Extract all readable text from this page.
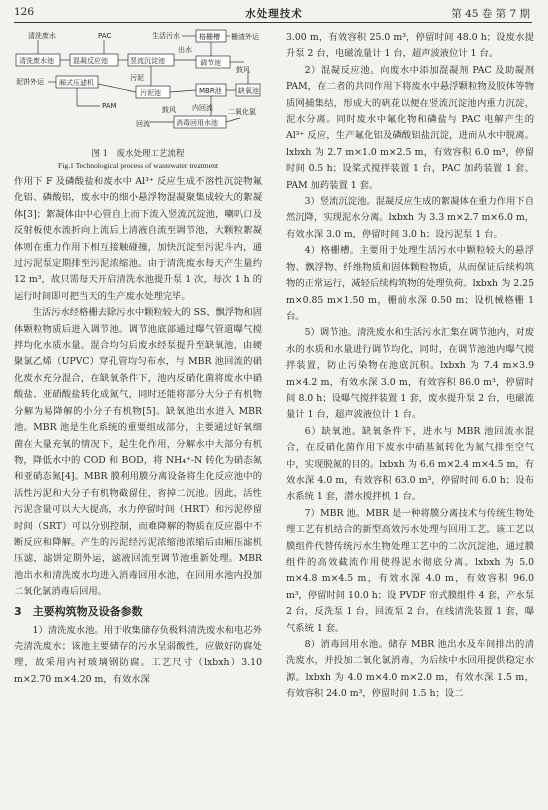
126	水处理技术	第 45 卷 第 7 期
清洗废水	PAC	生活污水	格栅槽 栅渣外运
清洗废水池	混凝反应池	竖流沉淀池
出水
调节池
鼓风
泥饼外运 厢式压滤机
污泥
污泥池	MBR池 缺氧池
PAM	内回流
鼓风	二氧化氯
消毒回用水池
回流
图 1　废水处理工艺流程
Fig.1 Technological process of wastewater treatment

作用下 F 及磷酸盐和废水中 Al³⁺ 反应生成不溶性沉淀物氟化铝、磷酸铝，废水中的细小悬浮物混凝聚集成较大的絮凝体[3]；絮凝体由中心管自上而下流入竖流沉淀池，喇叭口及反射板使水流折向上流后上清液自流至调节池，大颗粒絮凝体则在重力作用下相互接触碰撞，加快沉淀至污泥斗内，通过污泥泵定期排至污泥浓缩池。由于清洗废水每天产生量约 12 m³，故只需每天开启清洗水池提升泵 1 次，每次 1 h 的运行时间即可把当天的生产废水处理完毕。

生活污水经格栅去除污水中颗粒较大的 SS、飘浮物和固体颗粒物质后进入调节池。调节池底部通过曝气管道曝气搅拌均化水质水量。混合均匀后废水经泵提升至缺氧池，由硬聚氯乙烯（UPVC）穿孔管均匀布水，与 MBR 池回流的硝化废水充分混合，在缺氧条件下，池内反硝化菌将废水中硝酸盐、亚硝酸盐转化成氮气，同时还能将部分大分子有机物分解为易降解的小分子有机物[5]。缺氧池出水进入 MBR 池。MBR 池是生化系统的重要组成部分，主要通过好氧细菌在大量充氧的情况下，起生化作用，分解水中大部分有机物，降低水中的 COD 和 BOD，将 NH₄⁺-N 转化为硝态氮和亚硝态氮[4]。MBR 膜利用膜分离设备将生化反应池中的活性污泥和大分子有机物截留住，省掉二沉池。因此，活性污泥含量可以大大提高，水力停留时间（HRT）和污泥停留时间（SRT）可以分别控制，而难降解的物质在反应器中不断反应和降解。产生的污泥经污泥浓缩池浓缩后由厢压滤机压滤，滤饼定期外运，滤液回流至调节池重新处理。MBR 池出水和清洗废水均进入消毒回用水池，在回用水池内投加二氧化氯消毒后回用。

3　主要构筑物及设备参数

1）清洗废水池。用于收集储存负极料清洗废水和电芯外壳清洗废水；该池主要储存的污水呈弱酸性，应做好防腐处理，故采用内衬玻璃钢防腐。工艺尺寸（lxbxh）3.10 m×2.70 m×4.20 m，有效水深

3.00 m，有效容积 25.0 m³，停留时间 48.0 h；设废水提升泵 2 台，电磁流量计 1 台，超声波液位计 1 台。

2）混凝反应池。向废水中添加混凝剂 PAC 及助凝剂 PAM，在二者的共同作用下将废水中悬浮颗粒物及胶体等物质网捕集结，形成大的矾花以便在竖流沉淀池内重力沉淀，泥水分离。同时废水中氟化物和磷盐与 PAC 电解产生的 Al³⁺ 反应，生产氟化铝及磷酸铝盐沉淀，进而从水中脱离。lxbxh 为 2.7 m×1.0 m×2.5 m，有效容积 6.0 m³，停留时间 0.5 h；设桨式搅拌装置 1 台，PAC 加药装置 1 套、PAM 加药装置 1 套。

3）竖流沉淀池。混凝反应生成的絮凝体在重力作用下自然沉降，实现泥水分离。lxbxh 为 3.3 m×2.7 m×6.0 m，有效水深 3.0 m，停留时间 3.0 h；设污泥泵 1 台。

4）格栅槽。主要用于处理生活污水中颗粒较大的悬浮物、飘浮物、纤维物质和固体颗粒物质，从而保证后续构筑物的正常运行，减轻后续构筑物的处理负荷。lxbxh 为 2.25 m×0.85 m×1.50 m，栅前水深 0.50 m；设机械格栅 1 台。

5）调节池。清洗废水和生活污水汇集在调节池内，对废水的水质和水量进行调节均化，同时，在调节池池内曝气搅拌装置，防止污染物在池底沉积。lxbxh 为 7.4 m×3.9 m×4.2 m，有效水深 3.0 m，有效容积 86.0 m³，停留时间 8.0 h；设曝气搅拌装置 1 套，废水提升泵 2 台，电磁流量计 1 台，超声波液位计 1 台。

6）缺氧池。缺氧条件下，进水与 MBR 池回流水混合，在反硝化菌作用下废水中硝基氮转化为氮气排至空气中，实现脱氮的目的。lxbxh 为 6.6 m×2.4 m×4.5 m，有效水深 4.0 m，有效容积 63.0 m³，停留时间 6.0 h；设布水系统 1 套，潜水搅拌机 1 台。

7）MBR 池。MBR 是一种将膜分离技术与传统生物处理工艺有机结合的新型高效污水处理与回用工艺。该工艺以膜组件代替传统污水生物处理工艺中的二次沉淀池，通过膜组件的高效截流作用使得泥水彻底分离。lxbxh 为 5.0 m×4.8 m×4.5 m，有效水深 4.0 m，有效容积 96.0 m³，停留时间 10.0 h；设 PVDF 帘式膜组件 4 套，产水泵 2 台，反洗泵 1 台，回流泵 2 台，在线清洗装置 1 套，曝气系统 1 套。

8）消毒回用水池。储存 MBR 池出水及车间排出的清洗废水，并投加二氧化氯消毒，为后续中水回用提供稳定水源。lxbxh 为 4.0 m×4.0 m×2.0 m，有效水深 1.5 m，有效容积 24.0 m³，停留时间 1.5 h；设二
